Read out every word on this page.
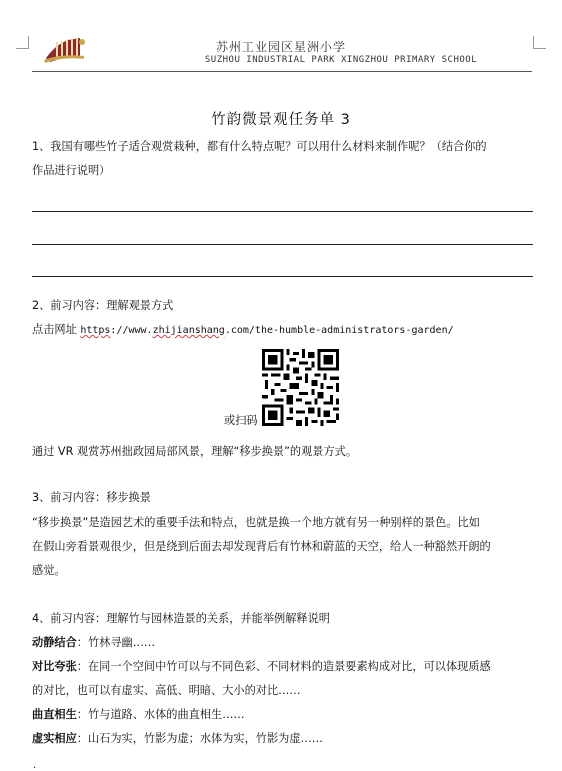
苏州工业园区星洲小学
SUZHOU INDUSTRIAL PARK XINGZHOU PRIMARY SCHOOL
竹韵微景观任务单 3
1、我国有哪些竹子适合观赏栽种，都有什么特点呢？可以用什么材料来制作呢？（结合你的
作品进行说明）
2、前习内容：理解观景方式
点击网址 https://www.zhijianshang.com/the-humble-administrators-garden/
或扫码
通过 VR 观赏苏州拙政园局部风景，理解“移步换景”的观景方式。
3、前习内容：移步换景
“移步换景”是造园艺术的重要手法和特点，也就是换一个地方就有另一种别样的景色。比如
在假山旁看景观很少，但是绕到后面去却发现背后有竹林和蔚蓝的天空，给人一种豁然开朗的
感觉。
4、前习内容：理解竹与园林造景的关系，并能举例解释说明
动静结合：竹林寻幽……
对比夸张：在同一个空间中竹可以与不同色彩、不同材料的造景要素构成对比，可以体现质感
的对比，也可以有虚实、高低、明暗、大小的对比……
曲直相生：竹与道路、水体的曲直相生……
虚实相应：山石为实，竹影为虚；水体为实，竹影为虚……
.
